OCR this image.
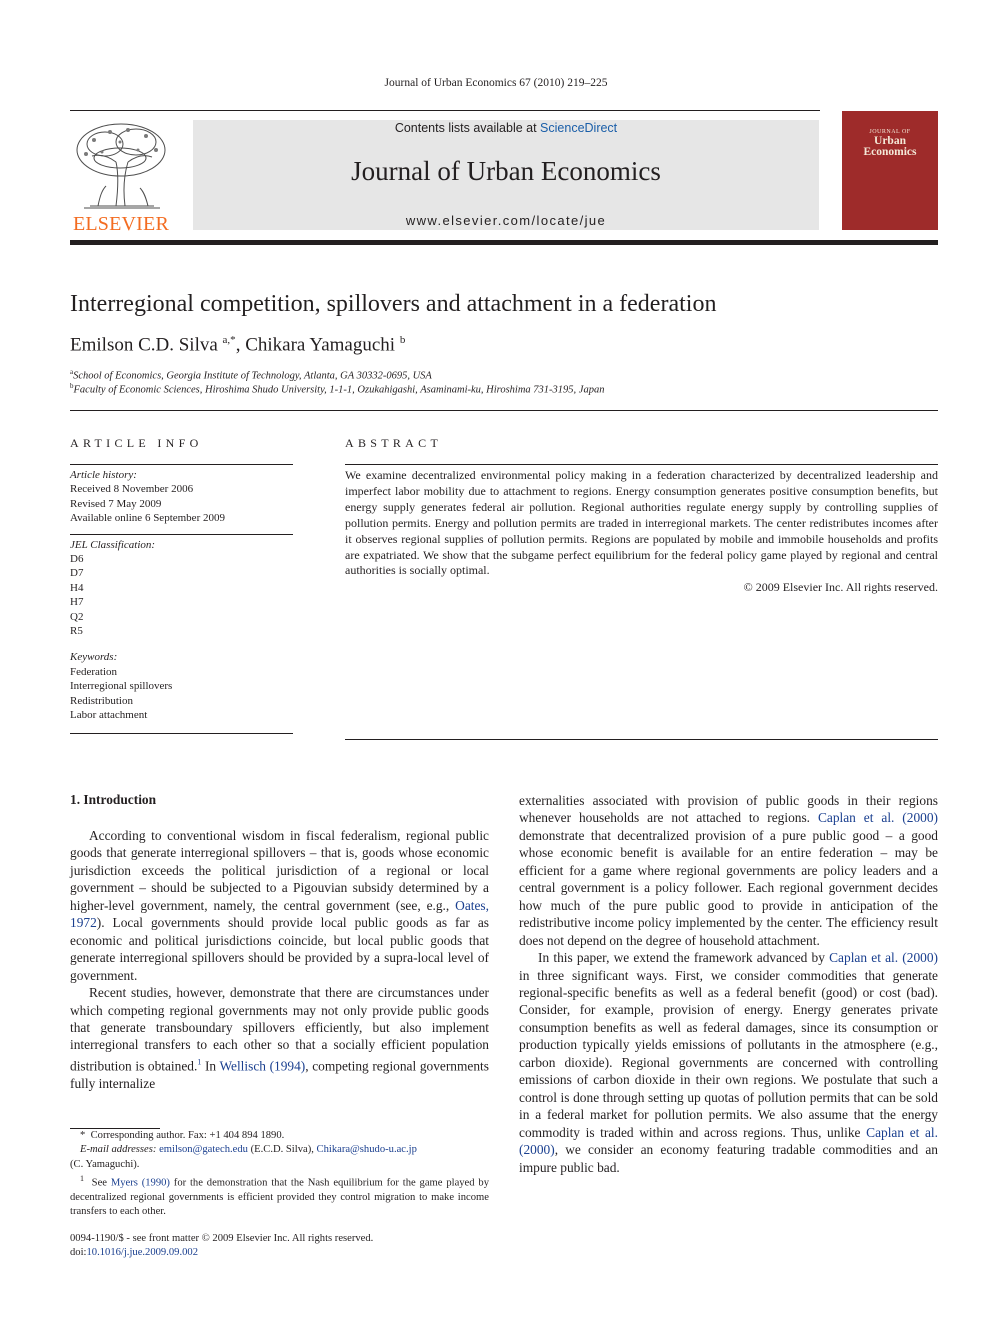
Journal of Urban Economics 67 (2010) 219–225
ELSEVIER
Contents lists available at ScienceDirect
Journal of Urban Economics
www.elsevier.com/locate/jue
JOURNAL OF
Urban
Economics
Interregional competition, spillovers and attachment in a federation
Emilson C.D. Silva $^{a,*}$, Chikara Yamaguchi $^b$
$^a$School of Economics, Georgia Institute of Technology, Atlanta, GA 30332-0695, USA
$^b$Faculty of Economic Sciences, Hiroshima Shudo University, 1-1-1, Ozukahigashi, Asaminami-ku, Hiroshima 731-3195, Japan
ARTICLE INFO	ABSTRACT
Article history:
Received 8 November 2006
Revised 7 May 2009
Available online 6 September 2009
JEL Classification:
D6
D7
H4
H7
Q2
R5
Keywords:
Federation
Interregional spillovers
Redistribution
Labor attachment
We examine decentralized environmental policy making in a federation characterized by decentralized leadership and imperfect labor mobility due to attachment to regions. Energy consumption generates positive consumption benefits, but energy supply generates federal air pollution. Regional authorities regulate energy supply by controlling supplies of pollution permits. Energy and pollution permits are traded in interregional markets. The center redistributes incomes after it observes regional supplies of pollution permits. Regions are populated by mobile and immobile households and profits are expatriated. We show that the subgame perfect equilibrium for the federal policy game played by regional and central authorities is socially optimal.
© 2009 Elsevier Inc. All rights reserved.
1. Introduction

According to conventional wisdom in fiscal federalism, regional public goods that generate interregional spillovers – that is, goods whose economic jurisdiction exceeds the political jurisdiction of a regional or local government – should be subjected to a Pigouvian subsidy determined by a higher-level government, namely, the central government (see, e.g., Oates, 1972). Local governments should provide local public goods as far as economic and political jurisdictions coincide, but local public goods that generate interregional spillovers should be provided by a supra-local level of government.

Recent studies, however, demonstrate that there are circumstances under which competing regional governments may not only provide public goods that generate transboundary spillovers efficiently, but also implement interregional transfers to each other so that a socially efficient population distribution is obtained.$^1$ In Wellisch (1994), competing regional governments fully internalize

externalities associated with provision of public goods in their regions whenever households are not attached to regions. Caplan et al. (2000) demonstrate that decentralized provision of a pure public good – a good whose economic benefit is available for an entire federation – may be efficient for a game where regional governments are policy leaders and a central government is a policy follower. Each regional government decides how much of the pure public good to provide in anticipation of the redistributive income policy implemented by the center. The efficiency result does not depend on the degree of household attachment.

In this paper, we extend the framework advanced by Caplan et al. (2000) in three significant ways. First, we consider commodities that generate regional-specific benefits as well as a federal benefit (good) or cost (bad). Consider, for example, provision of energy. Energy generates private consumption benefits as well as federal damages, since its consumption or production typically yields emissions of pollutants in the atmosphere (e.g., carbon dioxide). Regional governments are concerned with controlling emissions of carbon dioxide in their own regions. We postulate that such a control is done through setting up quotas of pollution permits that can be sold in a federal market for pollution permits. We also assume that the energy commodity is traded within and across regions. Thus, unlike Caplan et al. (2000), we consider an economy featuring tradable commodities and an impure public bad.

* Corresponding author. Fax: +1 404 894 1890.

E-mail addresses: emilson@gatech.edu (E.C.D. Silva), Chikara@shudo-u.ac.jp
(C. Yamaguchi).

$^1$ See Myers (1990) for the demonstration that the Nash equilibrium for the game played by decentralized regional governments is efficient provided they control migration to make income transfers to each other.

0094-1190/$ - see front matter © 2009 Elsevier Inc. All rights reserved.
doi:10.1016/j.jue.2009.09.002
